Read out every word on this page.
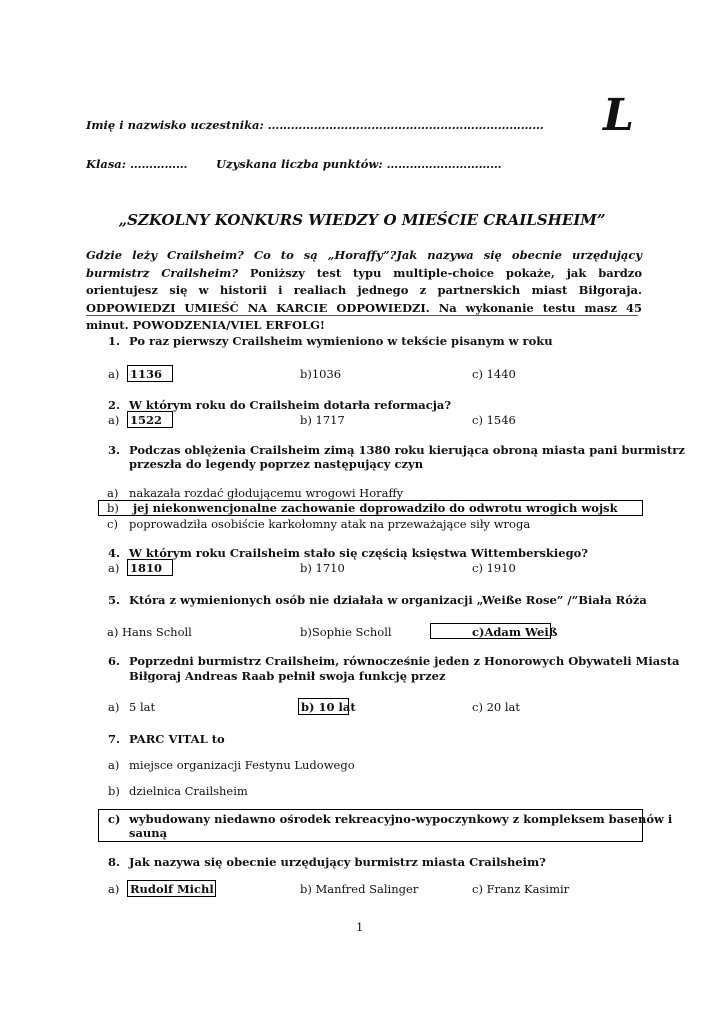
Imię i nazwisko uczestnika: ……………………………………………………………… L
Klasa: …………… Uzyskana liczba punktów: …………………………
„SZKOLNY KONKURS WIEDZY O MIEŚCIE CRAILSHEIM”
Gdzie leży Crailsheim? Co to są „Horaffy”?Jak nazywa się obecnie urzędujący burmistrz Crailsheim? Poniższy test typu multiple-choice pokaże, jak bardzo orientujesz się w historii i realiach jednego z partnerskich miast Biłgoraja. ODPOWIEDZI UMIEŚĆ NA KARCIE ODPOWIEDZI. Na wykonanie testu masz 45 minut. POWODZENIA/VIEL ERFOLG!
1. Po raz pierwszy Crailsheim wymieniono w tekście pisanym w roku
a) 1136	b)1036	c) 1440
2. W którym roku do Crailsheim dotarła reformacja?
a) 1522	b) 1717	c) 1546
3. Podczas oblężenia Crailsheim zimą 1380 roku kierująca obroną miasta pani burmistrz
przeszła do legendy poprzez następujący czyn
a) nakazała rozdać głodującemu wrogowi Horaffy
b) jej niekonwencjonalne zachowanie doprowadziło do odwrotu wrogich wojsk
c) poprowadziła osobiście karkołomny atak na przeważające siły wroga
4. W którym roku Crailsheim stało się częścią księstwa Wittemberskiego?
a) 1810	b) 1710	c) 1910
5. Która z wymienionych osób nie działała w organizacji „Weiße Rose” /”Biała Róża
a) Hans Scholl	b)Sophie Scholl	c)Adam Weiß
6. Poprzedni burmistrz Crailsheim, równocześnie jeden z Honorowych Obywateli Miasta
Biłgoraj Andreas Raab pełnił swoja funkcję przez
a) 5 lat	b) 10 lat	c) 20 lat
7. PARC VITAL to
a) miejsce organizacji Festynu Ludowego
b) dzielnica Crailsheim
c) wybudowany niedawno ośrodek rekreacyjno-wypoczynkowy z kompleksem basenów i
sauną
8. Jak nazywa się obecnie urzędujący burmistrz miasta Crailsheim?
a) Rudolf Michl	b) Manfred Salinger	c) Franz Kasimir
1
